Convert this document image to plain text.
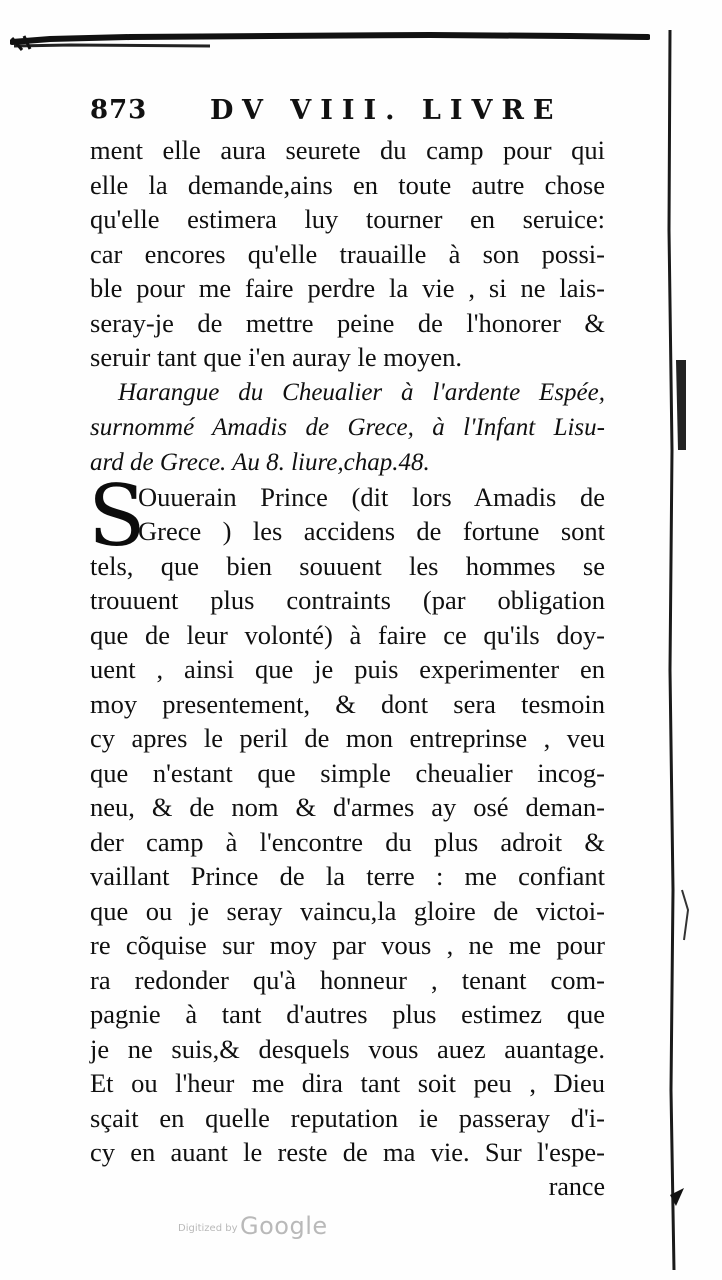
873 DV VIII. LIVRE
ment elle aura seurete du camp pour qui
elle la demande,ains en toute autre chose
qu'elle estimera luy tourner en seruice:
car encores qu'elle trauaille à son possi-
ble pour me faire perdre la vie , si ne lais-
seray-je de mettre peine de l'honorer &
seruir tant que i'en auray le moyen.
Harangue du Cheualier à l'ardente Espée,
surnommé Amadis de Grece, à l'Infant Lisu-
ard de Grece. Au 8. liure,chap.48.
S
Ouuerain Prince (dit lors Amadis de
Grece ) les accidens de fortune sont
tels, que bien souuent les hommes se
trouuent plus contraints (par obligation
que de leur volonté) à faire ce qu'ils doy-
uent , ainsi que je puis experimenter en
moy presentement, & dont sera tesmoin
cy apres le peril de mon entreprinse , veu
que n'estant que simple cheualier incog-
neu, & de nom & d'armes ay osé deman-
der camp à l'encontre du plus adroit &
vaillant Prince de la terre : me confiant
que ou je seray vaincu,la gloire de victoi-
re cõquise sur moy par vous , ne me pour
ra redonder qu'à honneur , tenant com-
pagnie à tant d'autres plus estimez que
je ne suis,& desquels vous auez auantage.
Et ou l'heur me dira tant soit peu , Dieu
sçait en quelle reputation ie passeray d'i-
cy en auant le reste de ma vie. Sur l'espe-
rance
Digitized by Google
